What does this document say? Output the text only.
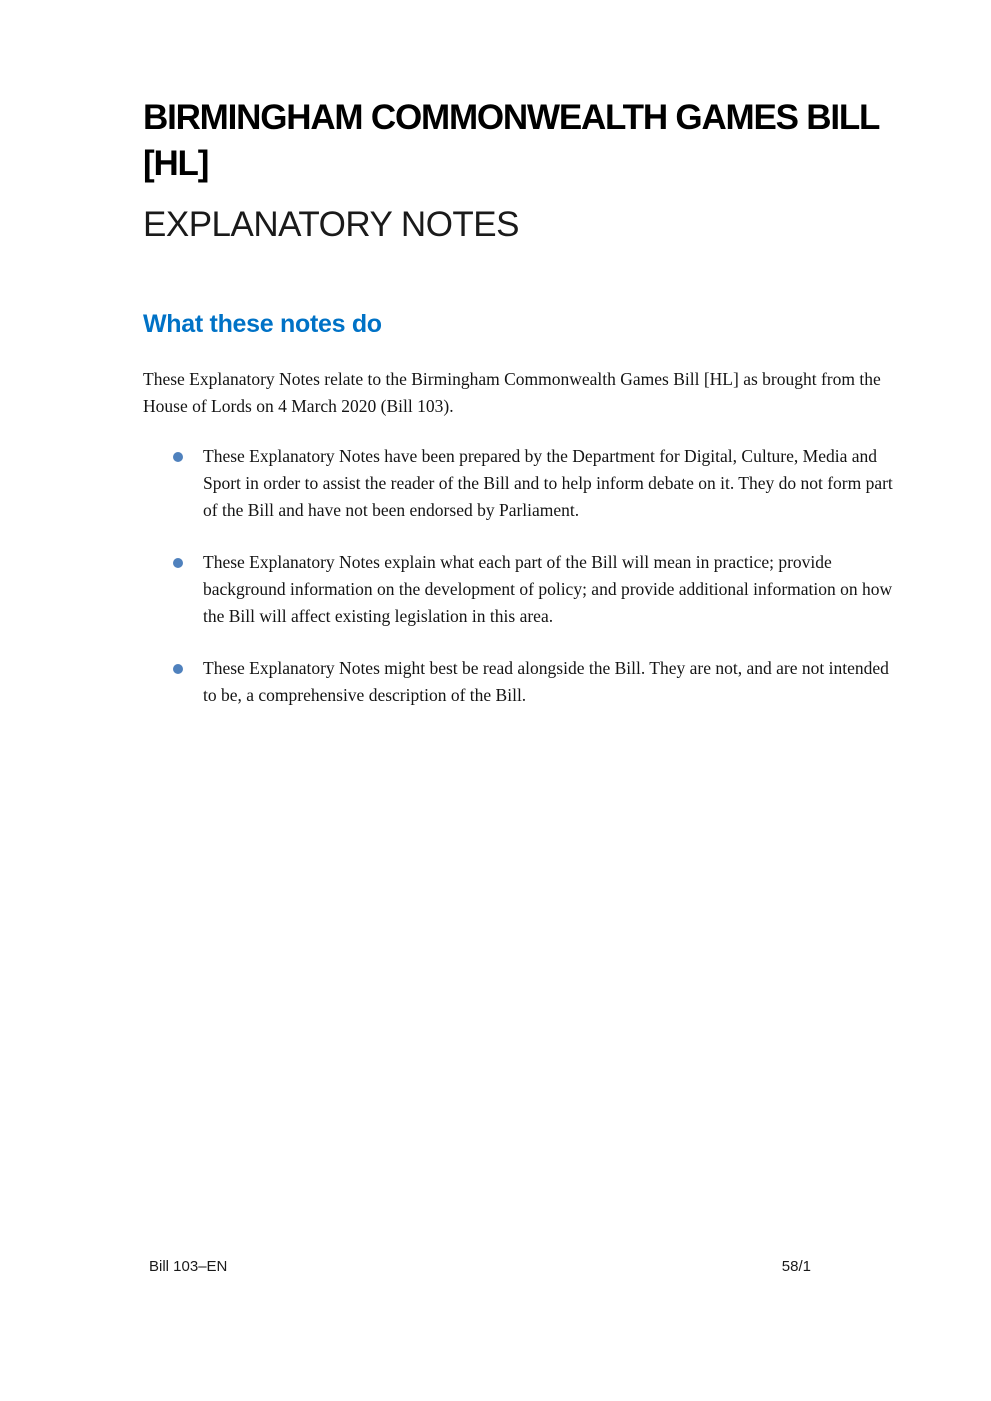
BIRMINGHAM COMMONWEALTH GAMES BILL [HL]
EXPLANATORY NOTES
What these notes do

These Explanatory Notes relate to the Birmingham Commonwealth Games Bill [HL] as brought from the House of Lords on 4 March 2020 (Bill 103).

These Explanatory Notes have been prepared by the Department for Digital, Culture, Media and Sport in order to assist the reader of the Bill and to help inform debate on it. They do not form part of the Bill and have not been endorsed by Parliament.
These Explanatory Notes explain what each part of the Bill will mean in practice; provide background information on the development of policy; and provide additional information on how the Bill will affect existing legislation in this area.
These Explanatory Notes might best be read alongside the Bill. They are not, and are not intended to be, a comprehensive description of the Bill.
Bill 103–EN	58/1
